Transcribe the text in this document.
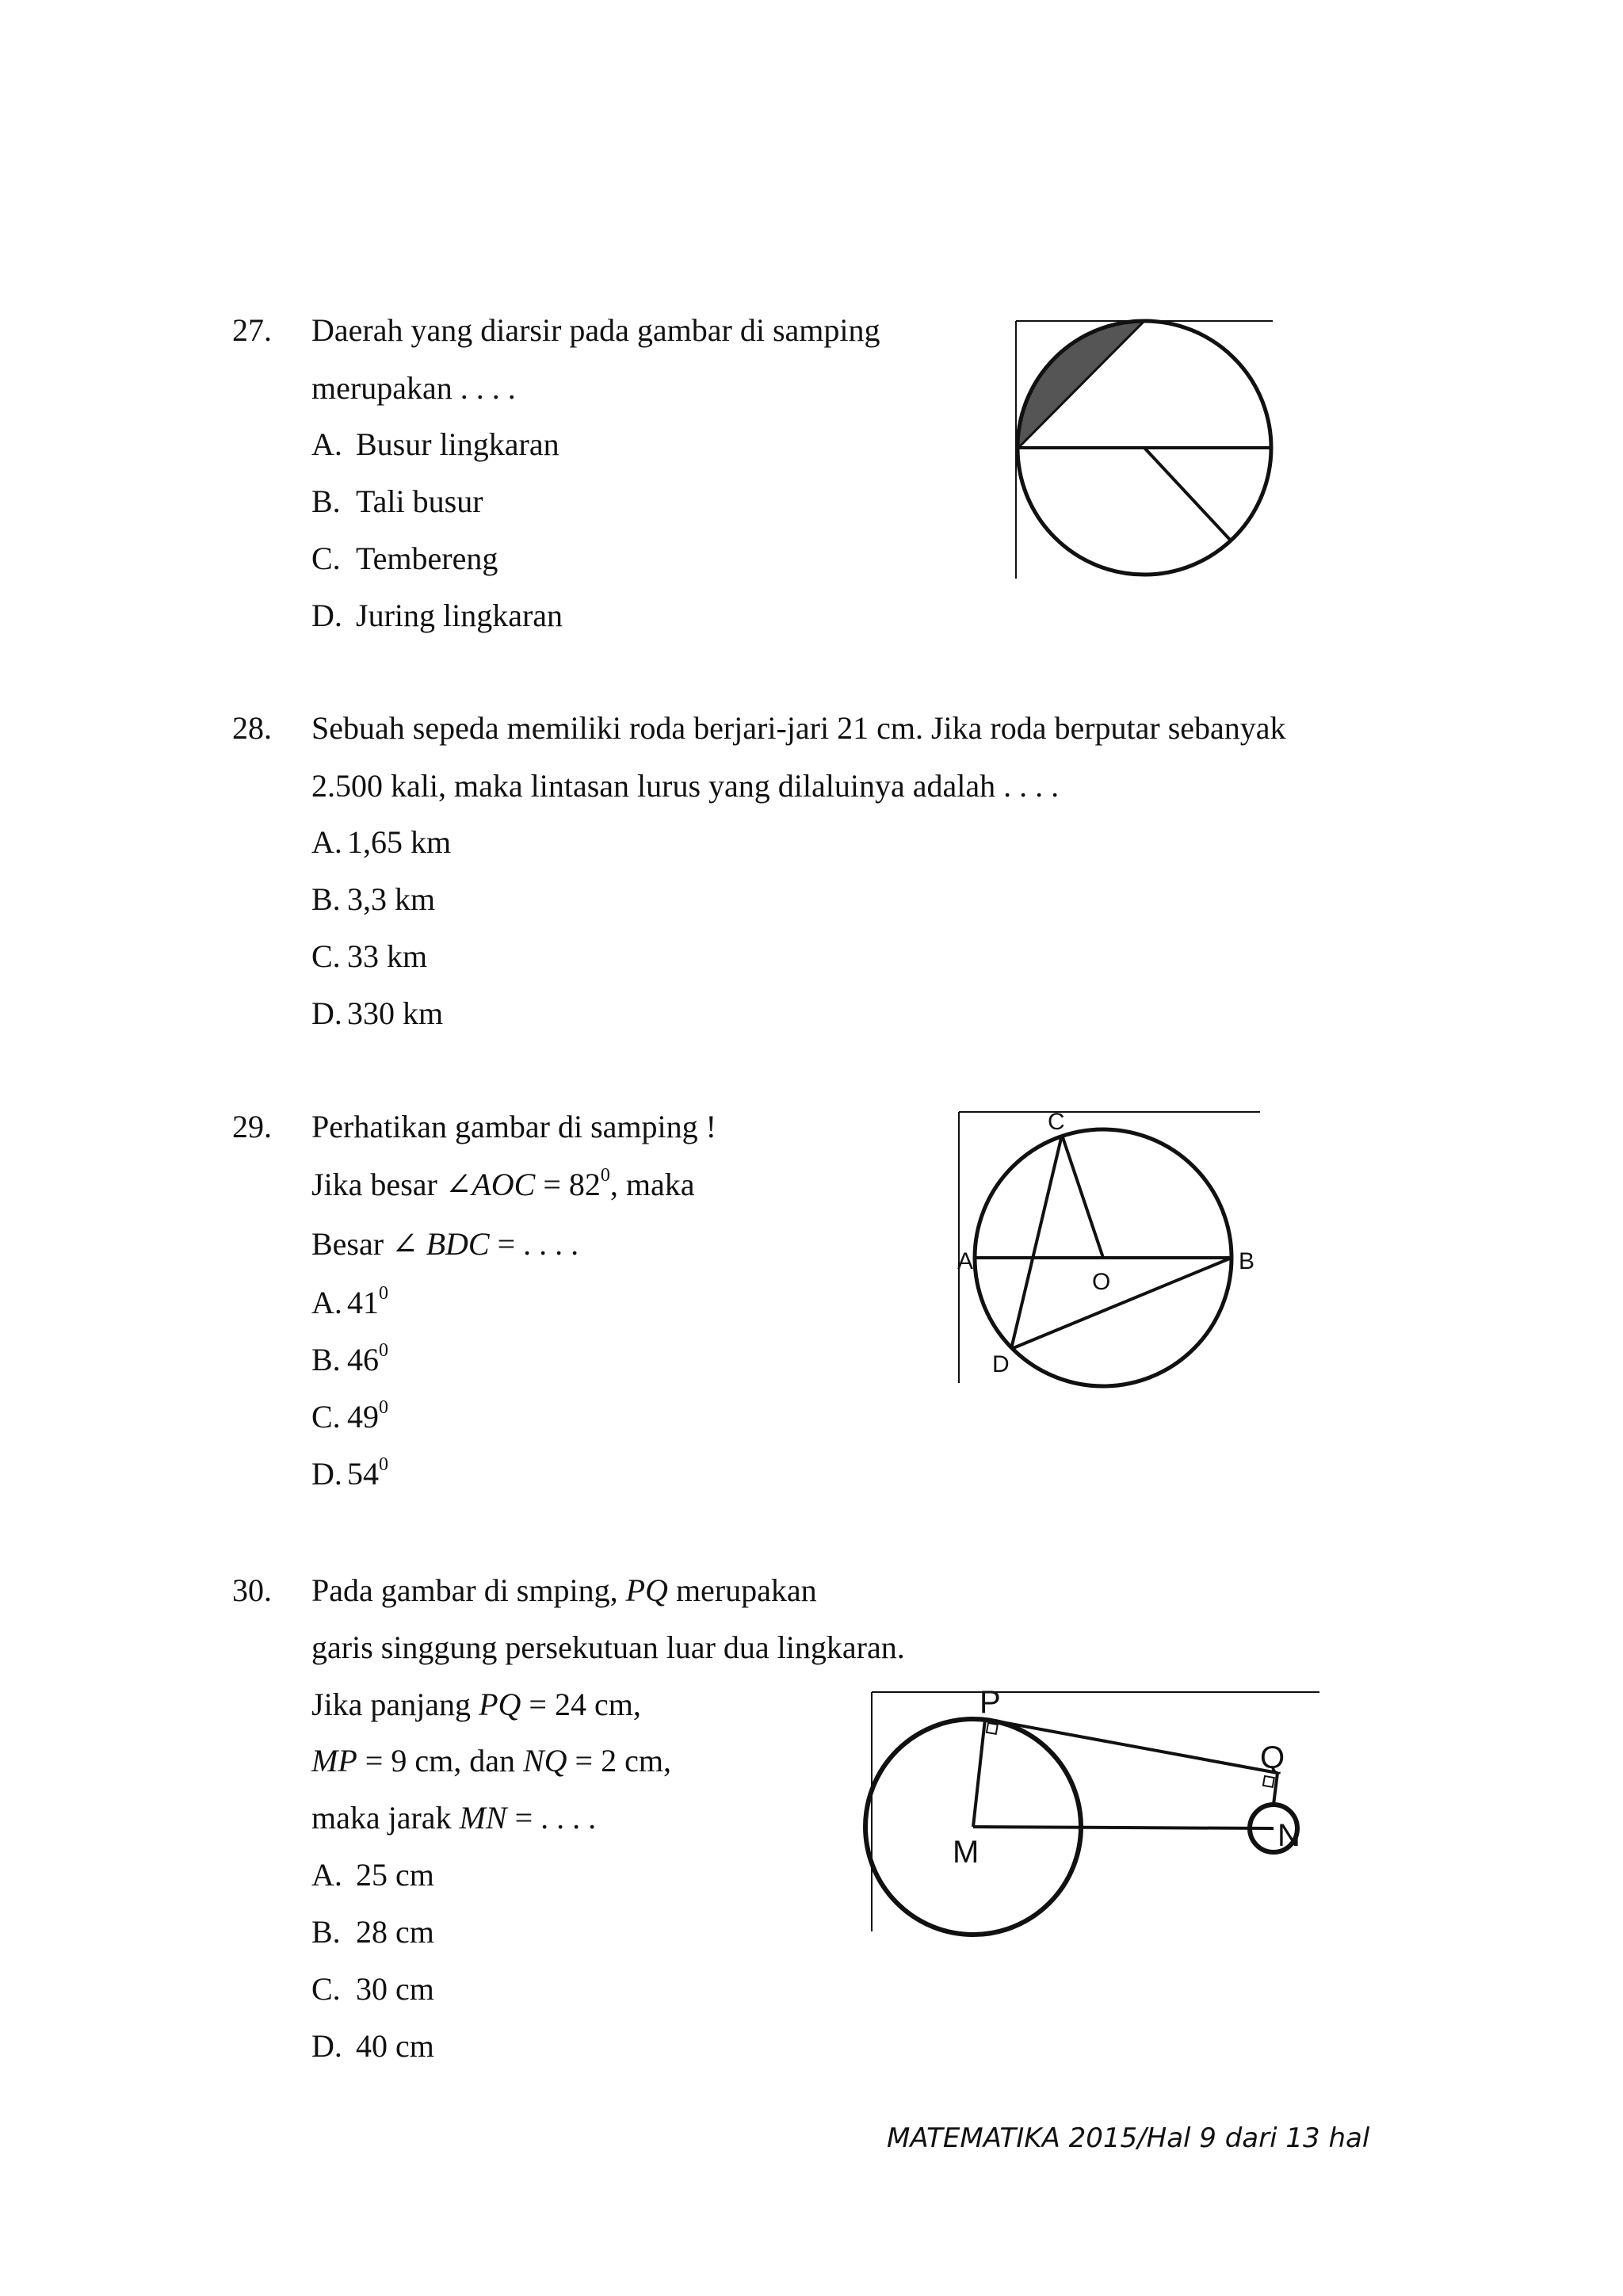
27. Daerah yang diarsir pada gambar di samping
merupakan . . . .
A. Busur lingkaran
B. Tali busur
C. Tembereng
D. Juring lingkaran
28. Sebuah sepeda memiliki roda berjari-jari 21 cm. Jika roda berputar sebanyak
2.500 kali, maka lintasan lurus yang dilaluinya adalah . . . .
A. 1,65 km
B. 3,3 km
C. 33 km
D. 330 km
29. Perhatikan gambar di samping !
Jika besar ∠AOC = $82^0$, maka
Besar ∠ BDC = . . . .
A. $41^0$
B. $46^0$
C. $49^0$
D. $54^0$
C
A
O
B
D
30. Pada gambar di smping, PQ merupakan
garis singgung persekutuan luar dua lingkaran.
Jika panjang PQ = 24 cm,
MP = 9 cm, dan NQ = 2 cm,
maka jarak MN = . . . .
A. 25 cm
B. 28 cm
C. 30 cm
D. 40 cm
P
Q
M	N
MATEMATIKA 2015/Hal 9 dari 13 hal
